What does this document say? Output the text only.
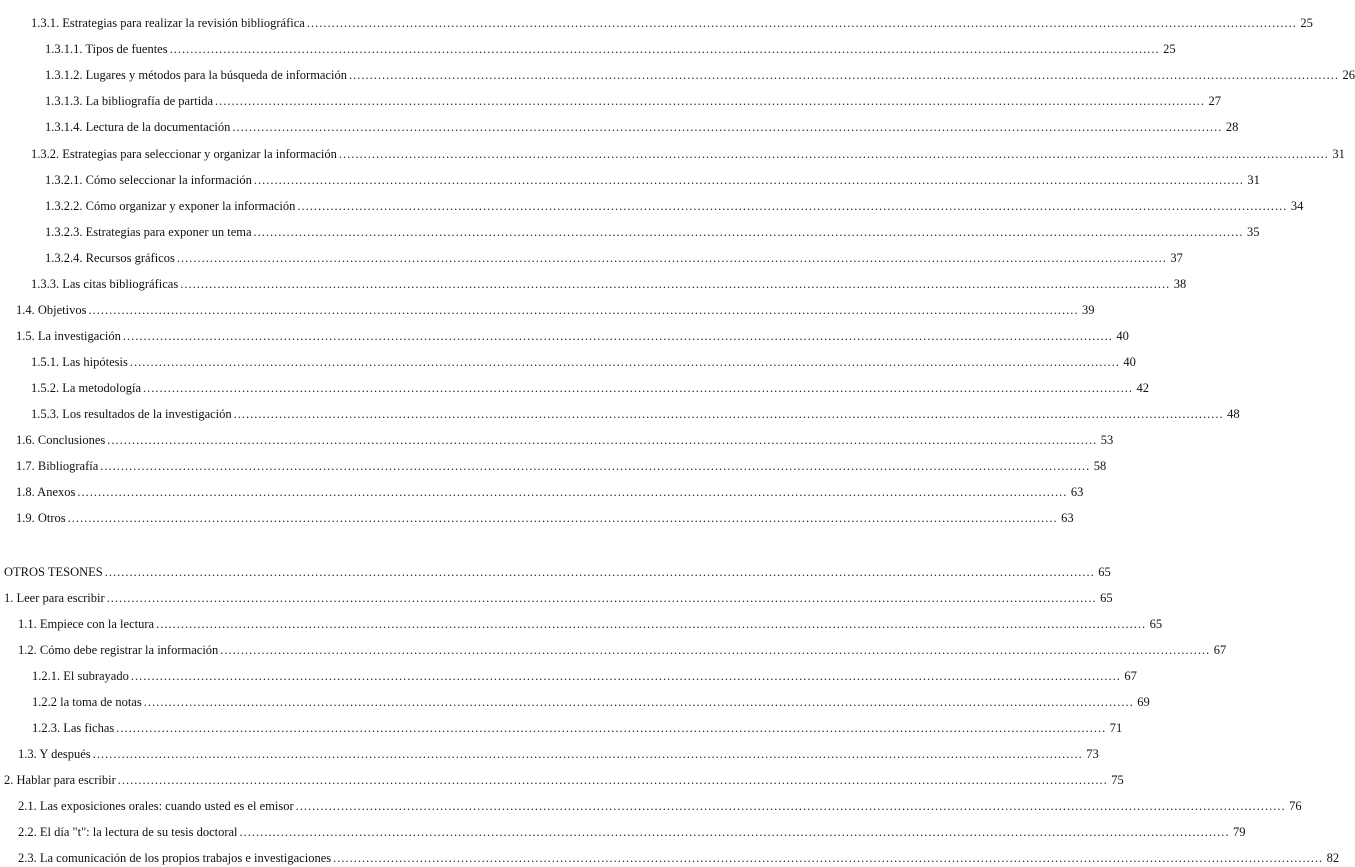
1.3.1. Estrategias para realizar la revisión bibliográfica .....	25
1.3.1.1. Tipos de fuentes .....	25
1.3.1.2. Lugares y métodos para la búsqueda de información .....	26
1.3.1.3. La bibliografía de partida .....	27
1.3.1.4. Lectura de la documentación .....	28
1.3.2. Estrategias para seleccionar y organizar la información .....	31
1.3.2.1. Cómo seleccionar la información .....	31
1.3.2.2. Cómo organizar y exponer la información .....	34
1.3.2.3. Estrategias para exponer un tema .....	35
1.3.2.4. Recursos gráficos .....	37
1.3.3. Las citas bibliográficas .....	38
1.4. Objetivos .....	39
1.5. La investigación .....	40
1.5.1. Las hipótesis .....	40
1.5.2. La metodología .....	42
1.5.3. Los resultados de la investigación .....	48
1.6. Conclusiones .....	53
1.7. Bibliografía .....	58
1.8. Anexos .....	63
1.9. Otros .....	63
OTROS TESONES .....	65
1. Leer para escribir .....	65
1.1. Empiece con la lectura .....	65
1.2. Cómo debe registrar la información .....	67
1.2.1. El subrayado .....	67
1.2.2 la toma de notas .....	69
1.2.3. Las fichas .....	71
1.3. Y después .....	73
2. Hablar para escribir .....	75
2.1. Las exposiciones orales: cuando usted es el emisor .....	76
2.2. El día "t": la lectura de su tesis doctoral .....	79
2.3. La comunicación de los propios trabajos e investigaciones .....	82
